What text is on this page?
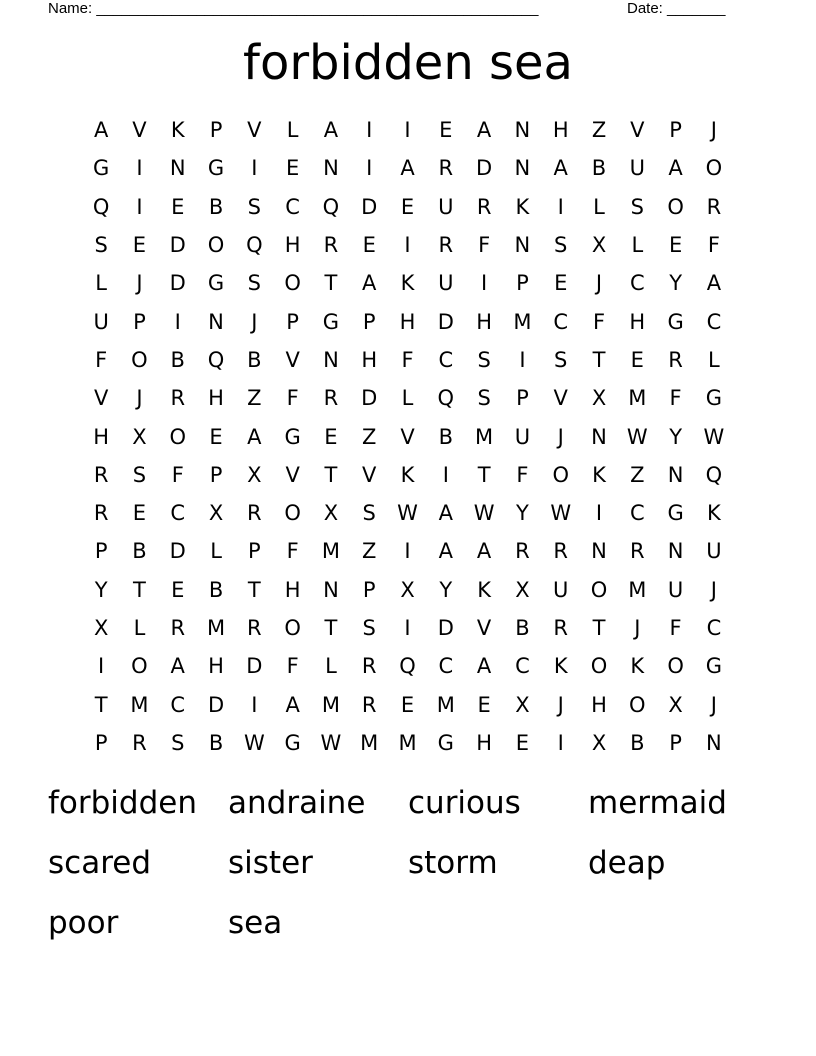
Name: _____________________________________________________	Date: _______
forbidden sea
A	V	K	P	V	L	A	I	I	E	A	N	H	Z	V	P	J
G	I	N	G	I	E	N	I	A	R	D	N	A	B	U	A	O
Q	I	E	B	S	C	Q	D	E	U	R	K	I	L	S	O	R
S	E	D	O	Q	H	R	E	I	R	F	N	S	X	L	E	F
L	J	D	G	S	O	T	A	K	U	I	P	E	J	C	Y	A
U	P	I	N	J	P	G	P	H	D	H	M	C	F	H	G	C
F	O	B	Q	B	V	N	H	F	C	S	I	S	T	E	R	L
V	J	R	H	Z	F	R	D	L	Q	S	P	V	X	M	F	G
H	X	O	E	A	G	E	Z	V	B	M	U	J	N W	Y	W
R	S	F	P	X	V	T	V	K	I	T	F	O	K	Z	N	Q
R	E	C	X	R	O	X	S	W A W	Y	W	I	C	G	K
P	B	D	L	P	F	M	Z	I	A	A	R	R	N	R	N	U
Y	T	E	B	T	H	N	P	X	Y	K	X	U	O M	U	J
X	L	R	M	R	O	T	S	I	D	V	B	R	T	J	F	C
I	O	A	H	D	F	L	R	Q	C	A	C	K	O	K	O	G
T	M	C	D	I	A	M	R	E	M	E	X	J	H	O	X	J
P	R	S	B W G W M M	G	H	E	I	X	B	P	N
forbidden	andraine	curious	mermaid
scared	sister	storm	deap
poor	sea
